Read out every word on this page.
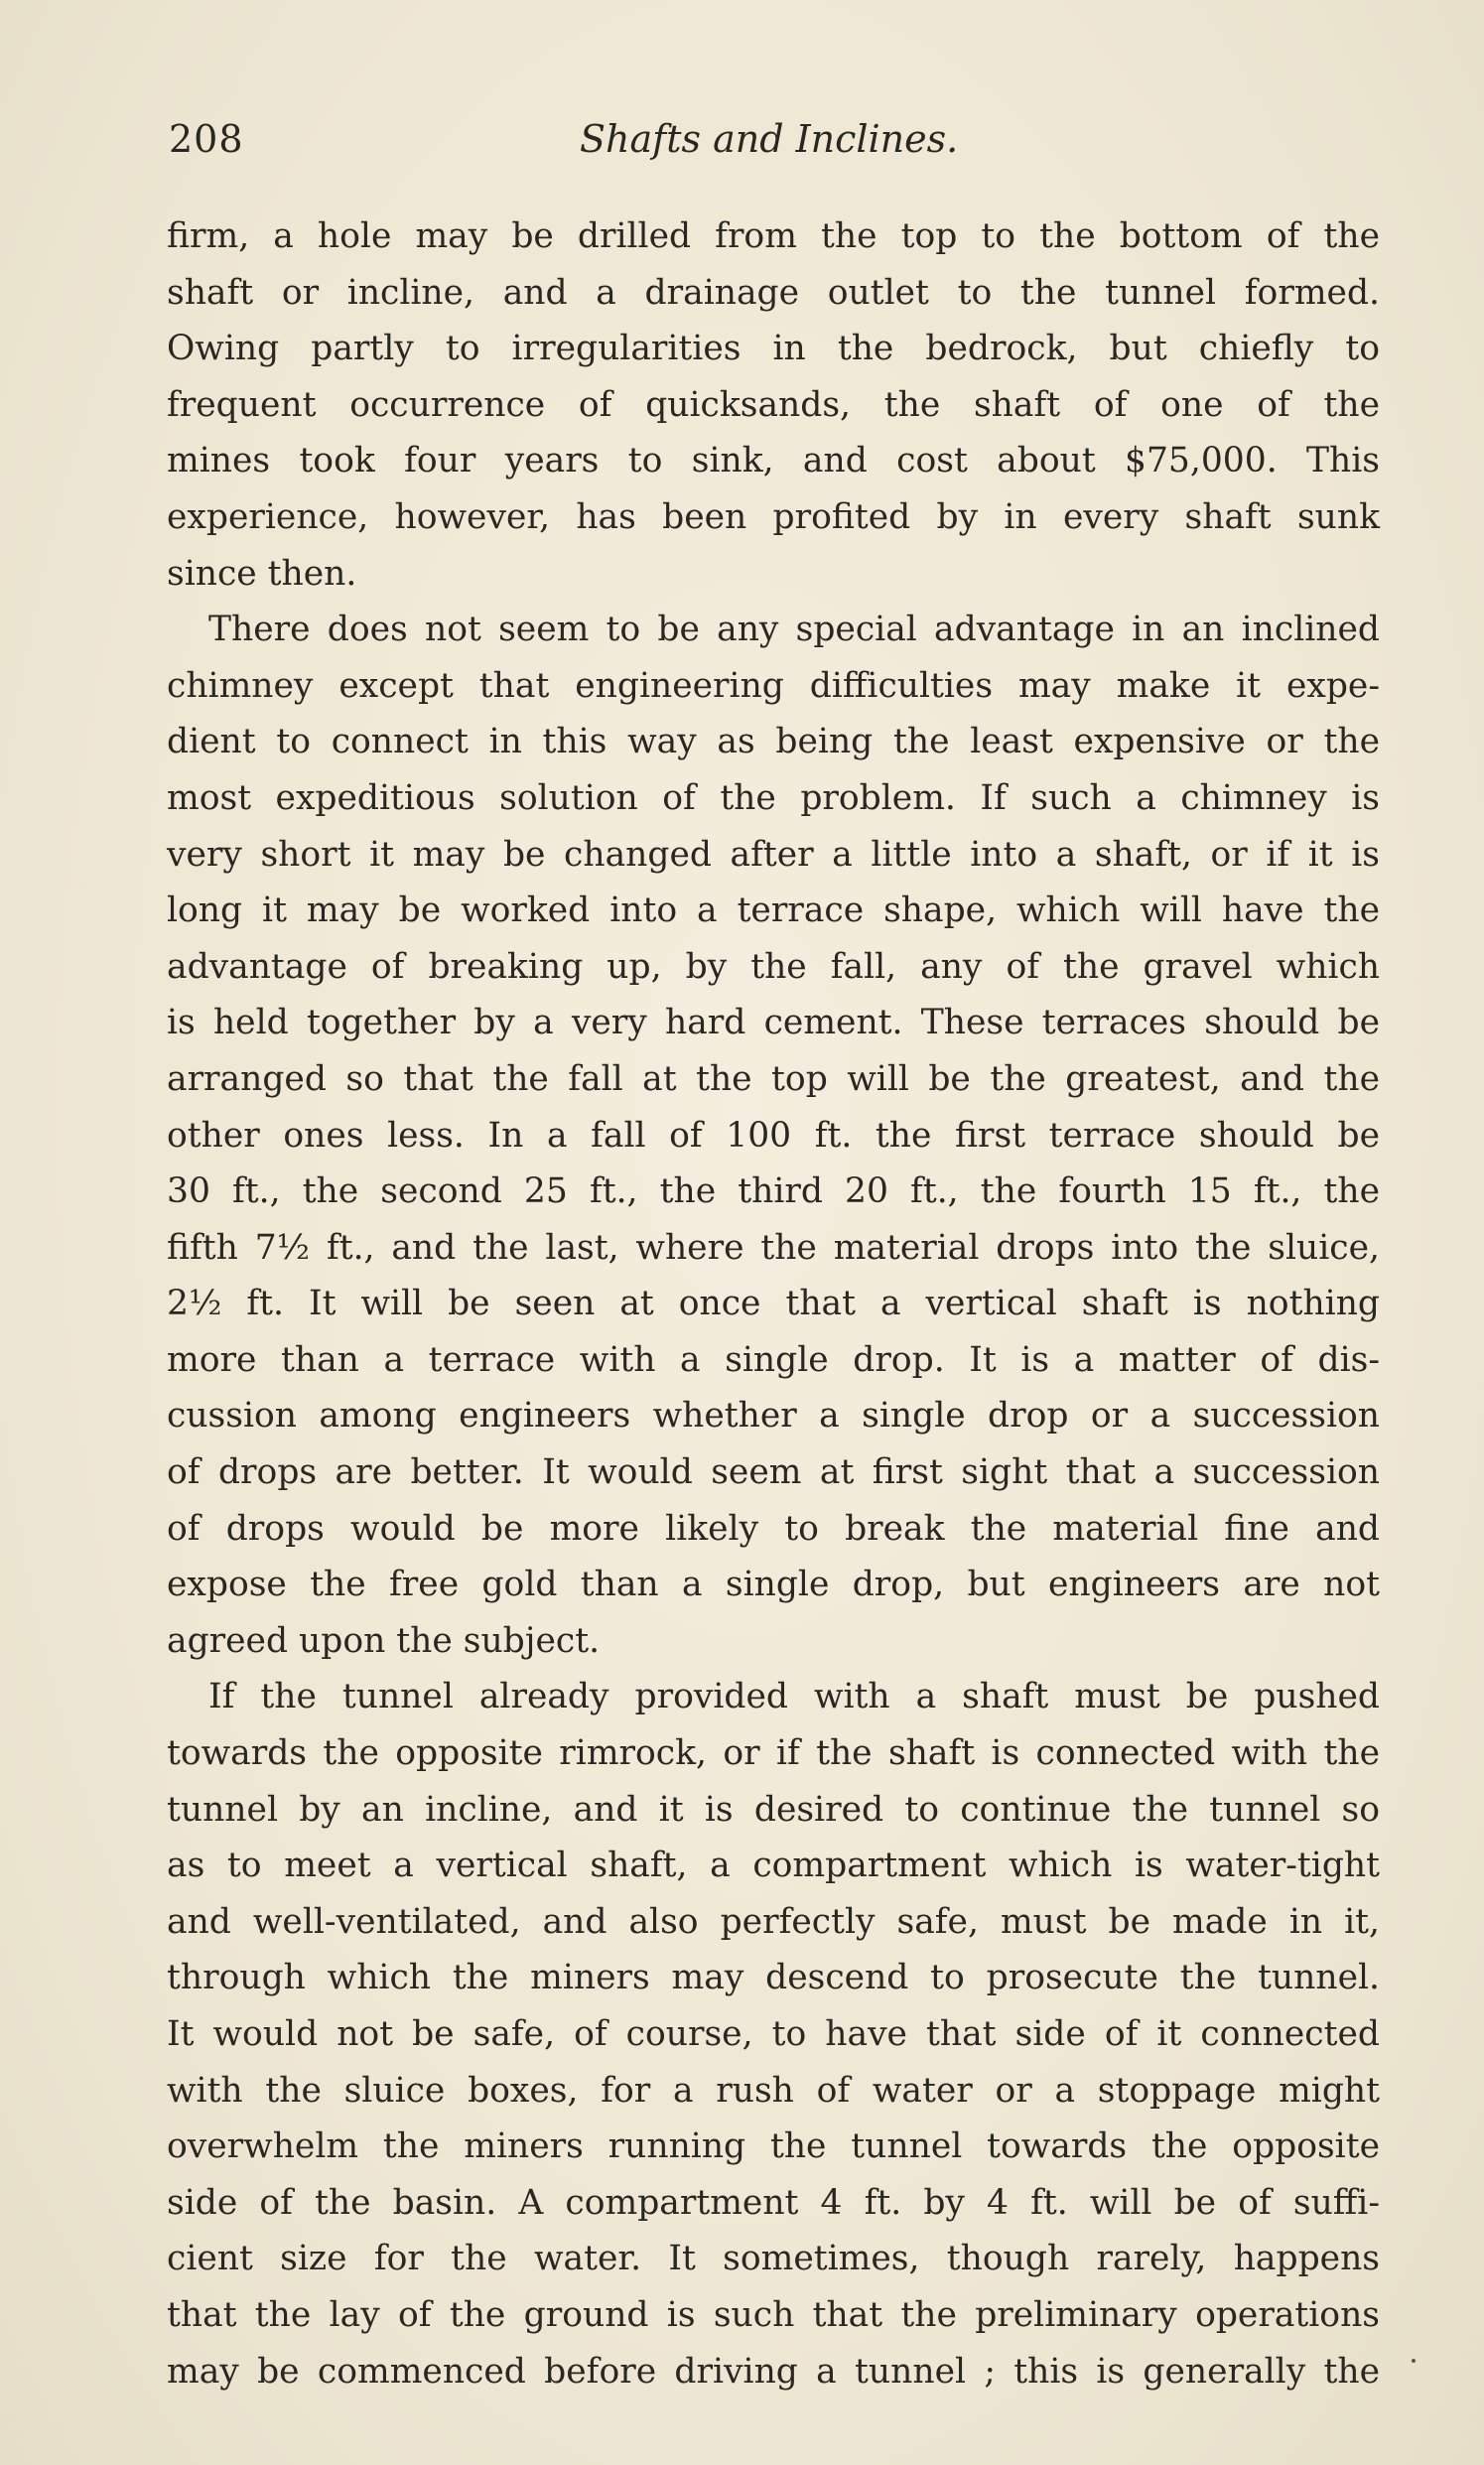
208	Shafts and Inclines.
firm, a hole may be drilled from the top to the bottom of the
shaft or incline, and a drainage outlet to the tunnel formed.
Owing partly to irregularities in the bedrock, but chiefly to
frequent occurrence of quicksands, the shaft of one of the
mines took four years to sink, and cost about $75,000. This
experience, however, has been profited by in every shaft sunk
since then.
There does not seem to be any special advantage in an inclined
chimney except that engineering difficulties may make it expe-
dient to connect in this way as being the least expensive or the
most expeditious solution of the problem. If such a chimney is
very short it may be changed after a little into a shaft, or if it is
long it may be worked into a terrace shape, which will have the
advantage of breaking up, by the fall, any of the gravel which
is held together by a very hard cement. These terraces should be
arranged so that the fall at the top will be the greatest, and the
other ones less. In a fall of 100 ft. the first terrace should be
30 ft., the second 25 ft., the third 20 ft., the fourth 15 ft., the
fifth 7½ ft., and the last, where the material drops into the sluice,
2½ ft. It will be seen at once that a vertical shaft is nothing
more than a terrace with a single drop. It is a matter of dis-
cussion among engineers whether a single drop or a succession
of drops are better. It would seem at first sight that a succession
of drops would be more likely to break the material fine and
expose the free gold than a single drop, but engineers are not
agreed upon the subject.
If the tunnel already provided with a shaft must be pushed
towards the opposite rimrock, or if the shaft is connected with the
tunnel by an incline, and it is desired to continue the tunnel so
as to meet a vertical shaft, a compartment which is water-tight
and well-ventilated, and also perfectly safe, must be made in it,
through which the miners may descend to prosecute the tunnel.
It would not be safe, of course, to have that side of it connected
with the sluice boxes, for a rush of water or a stoppage might
overwhelm the miners running the tunnel towards the opposite
side of the basin. A compartment 4 ft. by 4 ft. will be of suffi-
cient size for the water. It sometimes, though rarely, happens
that the lay of the ground is such that the preliminary operations
may be commenced before driving a tunnel ; this is generally the
